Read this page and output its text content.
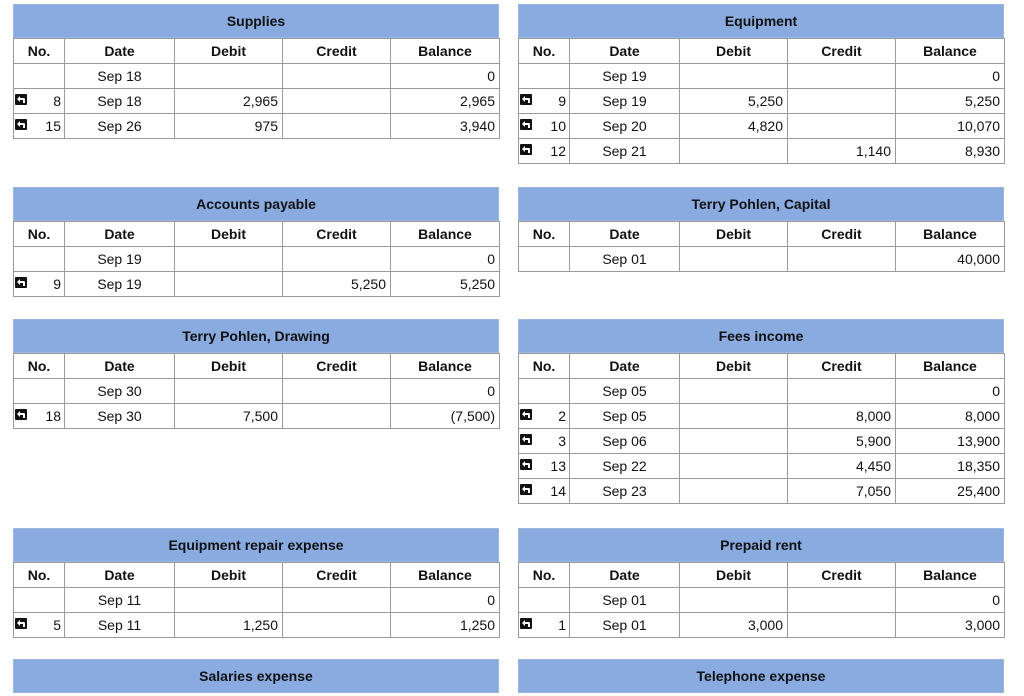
Supplies
No.	Date	Debit	Credit	Balance
	Sep 18			0

8	Sep 18	2,965		2,965

15	Sep 26	975		3,940
Equipment
No.	Date	Debit	Credit	Balance
	Sep 19			0

9	Sep 19	5,250		5,250

10	Sep 20	4,820		10,070

12	Sep 21		1,140	8,930
Accounts payable
No.	Date	Debit	Credit	Balance
	Sep 19			0

9	Sep 19		5,250	5,250
Terry Pohlen, Capital
No.	Date	Debit	Credit	Balance
	Sep 01			40,000
Terry Pohlen, Drawing
No.	Date	Debit	Credit	Balance
	Sep 30			0

18	Sep 30	7,500		(7,500)
Fees income
No.	Date	Debit	Credit	Balance
	Sep 05			0

2	Sep 05		8,000	8,000

3	Sep 06		5,900	13,900

13	Sep 22		4,450	18,350

14	Sep 23		7,050	25,400
Equipment repair expense
No.	Date	Debit	Credit	Balance
	Sep 11			0

5	Sep 11	1,250		1,250
Prepaid rent
No.	Date	Debit	Credit	Balance
	Sep 01			0

1	Sep 01	3,000		3,000
Salaries expense	Telephone expense
